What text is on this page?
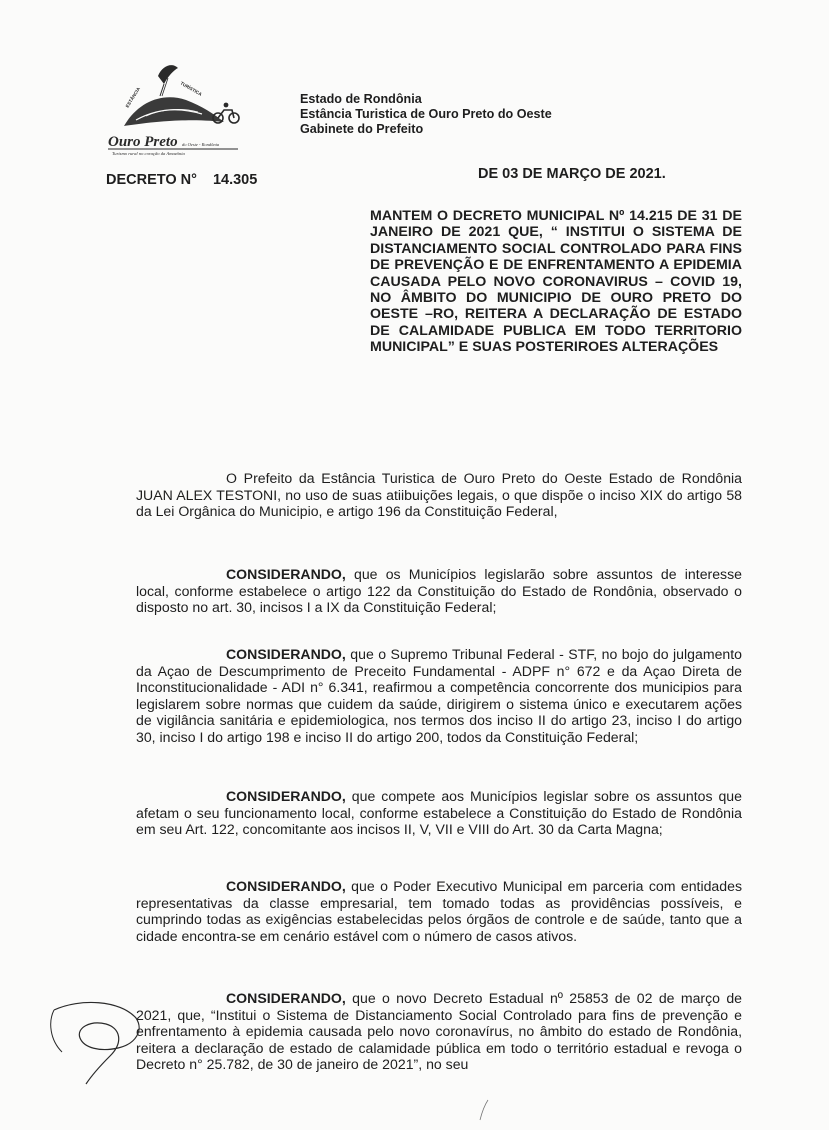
ESTÂNCIA	TURÍSTICA
Ouro Preto do Oeste - Rondônia
Turismo rural no coração da Amazônia
Estado de Rondônia
Estância Turistica de Ouro Preto do Oeste
Gabinete do Prefeito
DECRETO N° 14.305	DE 03 DE MARÇO DE 2021.
MANTEM O DECRETO MUNICIPAL Nº 14.215 DE 31 DE JANEIRO DE 2021 QUE, “ INSTITUI O SISTEMA DE DISTANCIAMENTO SOCIAL CONTROLADO PARA FINS DE PREVENÇÃO E DE ENFRENTAMENTO A EPIDEMIA CAUSADA PELO NOVO CORONAVIRUS – COVID 19, NO ÂMBITO DO MUNICIPIO DE OURO PRETO DO OESTE –RO, REITERA A DECLARAÇÃO DE ESTADO DE CALAMIDADE PUBLICA EM TODO TERRITORIO MUNICIPAL” E SUAS POSTERIROES ALTERAÇÕES
O Prefeito da Estância Turistica de Ouro Preto do Oeste Estado de Rondônia JUAN ALEX TESTONI, no uso de suas atiibuições legais, o que dispõe o inciso XIX do artigo 58 da Lei Orgânica do Municipio, e artigo 196 da Constituição Federal,
CONSIDERANDO, que os Municípios legislarão sobre assuntos de interesse local, conforme estabelece o artigo 122 da Constituição do Estado de Rondônia, observado o disposto no art. 30, incisos I a IX da Constituição Federal;
CONSIDERANDO, que o Supremo Tribunal Federal - STF, no bojo do julgamento da Açao de Descumprimento de Preceito Fundamental - ADPF n° 672 e da Açao Direta de Inconstitucionalidade - ADI n° 6.341, reafirmou a competência concorrente dos municipios para legislarem sobre normas que cuidem da saúde, dirigirem o sistema único e executarem ações de vigilância sanitária e epidemiologica, nos termos dos inciso II do artigo 23, inciso I do artigo 30, inciso I do artigo 198 e inciso II do artigo 200, todos da Constituição Federal;
CONSIDERANDO, que compete aos Municípios legislar sobre os assuntos que afetam o seu funcionamento local, conforme estabelece a Constituição do Estado de Rondônia em seu Art. 122, concomitante aos incisos II, V, VII e VIII do Art. 30 da Carta Magna;
CONSIDERANDO, que o Poder Executivo Municipal em parceria com entidades representativas da classe empresarial, tem tomado todas as providências possíveis, e cumprindo todas as exigências estabelecidas pelos órgãos de controle e de saúde, tanto que a cidade encontra-se em cenário estável com o número de casos ativos.
CONSIDERANDO, que o novo Decreto Estadual nº 25853 de 02 de março de 2021, que, “Institui o Sistema de Distanciamento Social Controlado para fins de prevenção e enfrentamento à epidemia causada pelo novo coronavírus, no âmbito do estado de Rondônia, reitera a declaração de estado de calamidade pública em todo o território estadual e revoga o Decreto n° 25.782, de 30 de janeiro de 2021”, no seu
